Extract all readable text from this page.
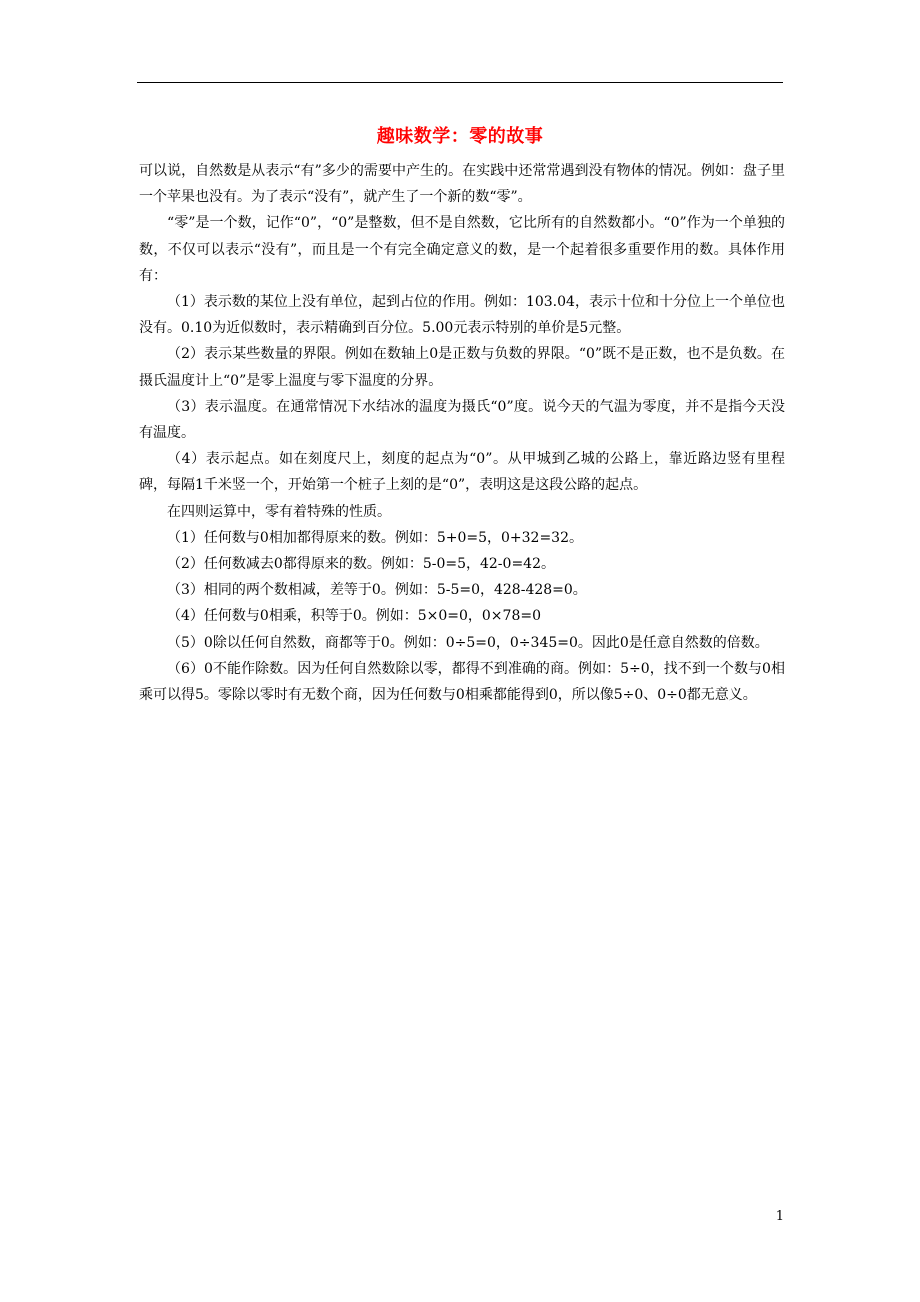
趣味数学：零的故事

可以说，自然数是从表示“有”多少的需要中产生的。在实践中还常常遇到没有物体的情况。例如：盘子里一个苹果也没有。为了表示“没有”，就产生了一个新的数“零”。

“零”是一个数，记作“0”，“0”是整数，但不是自然数，它比所有的自然数都小。“0”作为一个单独的数，不仅可以表示“没有”，而且是一个有完全确定意义的数，是一个起着很多重要作用的数。具体作用有：

（1）表示数的某位上没有单位，起到占位的作用。例如：103.04，表示十位和十分位上一个单位也没有。0.10为近似数时，表示精确到百分位。5.00元表示特别的单价是5元整。

（2）表示某些数量的界限。例如在数轴上0是正数与负数的界限。“0”既不是正数，也不是负数。在摄氏温度计上“0”是零上温度与零下温度的分界。

（3）表示温度。在通常情况下水结冰的温度为摄氏“0”度。说今天的气温为零度，并不是指今天没有温度。

（4）表示起点。如在刻度尺上，刻度的起点为“0”。从甲城到乙城的公路上，靠近路边竖有里程碑，每隔1千米竖一个，开始第一个桩子上刻的是“0”，表明这是这段公路的起点。

在四则运算中，零有着特殊的性质。

（1）任何数与0相加都得原来的数。例如：5+0=5，0+32=32。

（2）任何数减去0都得原来的数。例如：5-0=5，42-0=42。

（3）相同的两个数相减，差等于0。例如：5-5=0，428-428=0。

（4）任何数与0相乘，积等于0。例如：5×0=0，0×78=0

（5）0除以任何自然数，商都等于0。例如：0÷5=0，0÷345=0。因此0是任意自然数的倍数。

（6）0不能作除数。因为任何自然数除以零，都得不到准确的商。例如：5÷0，找不到一个数与0相乘可以得5。零除以零时有无数个商，因为任何数与0相乘都能得到0，所以像5÷0、0÷0都无意义。

1
